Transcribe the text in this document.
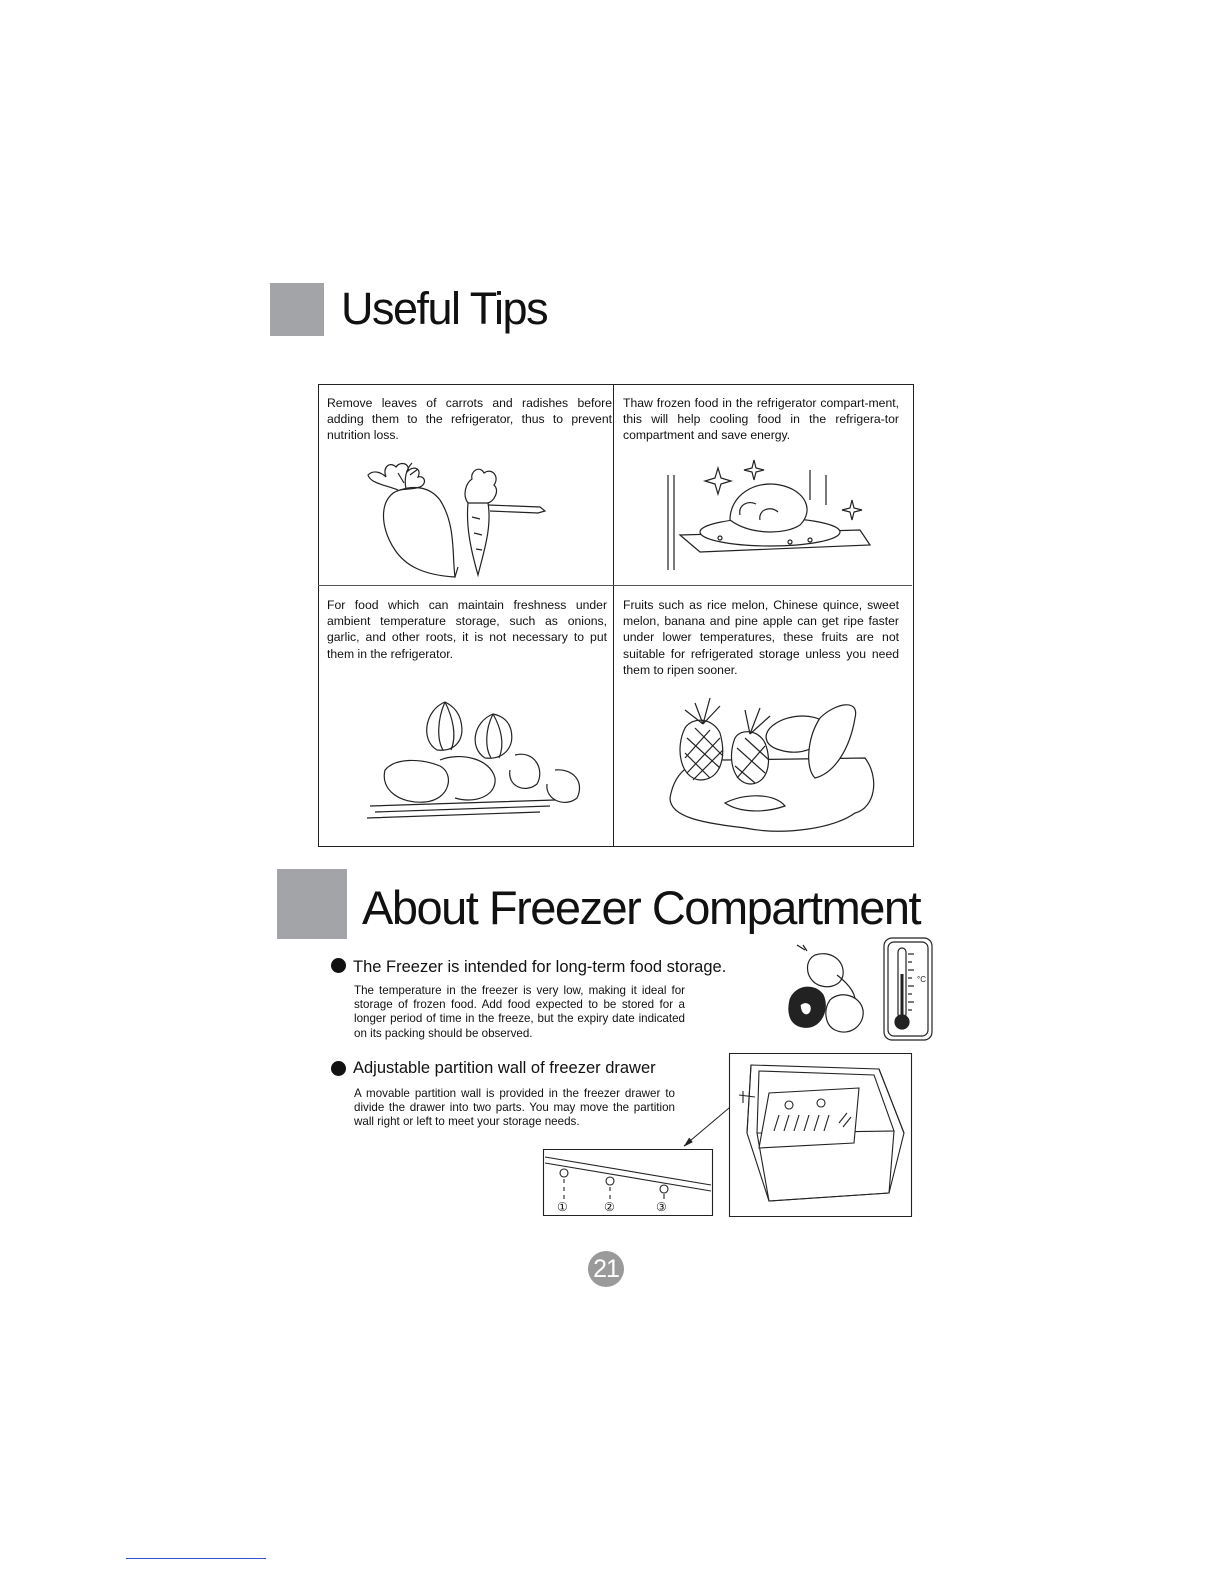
Useful Tips
Remove leaves of carrots and radishes before adding them to the refrigerator, thus to prevent nutrition loss.
Thaw frozen food in the refrigerator compart-ment, this will help cooling food in the refrigera-tor compartment and save energy.
For food which can maintain freshness under ambient temperature storage, such as onions, garlic, and other roots, it is not necessary to put them in the refrigerator.
Fruits such as rice melon, Chinese quince, sweet melon, banana and pine apple can get ripe faster under lower temperatures, these fruits are not suitable for refrigerated storage unless you need them to ripen sooner.
About Freezer Compartment
The Freezer is intended for long-term food storage.
The temperature in the freezer is very low, making it ideal for storage of frozen food. Add food expected to be stored for a longer period of time in the freeze, but the expiry date indicated on its packing should be observed.
°C
Adjustable partition wall of freezer drawer
A movable partition wall is provided in the freezer drawer to divide the drawer into two parts. You may move the partition wall right or left to meet your storage needs.
①	②	③
21
